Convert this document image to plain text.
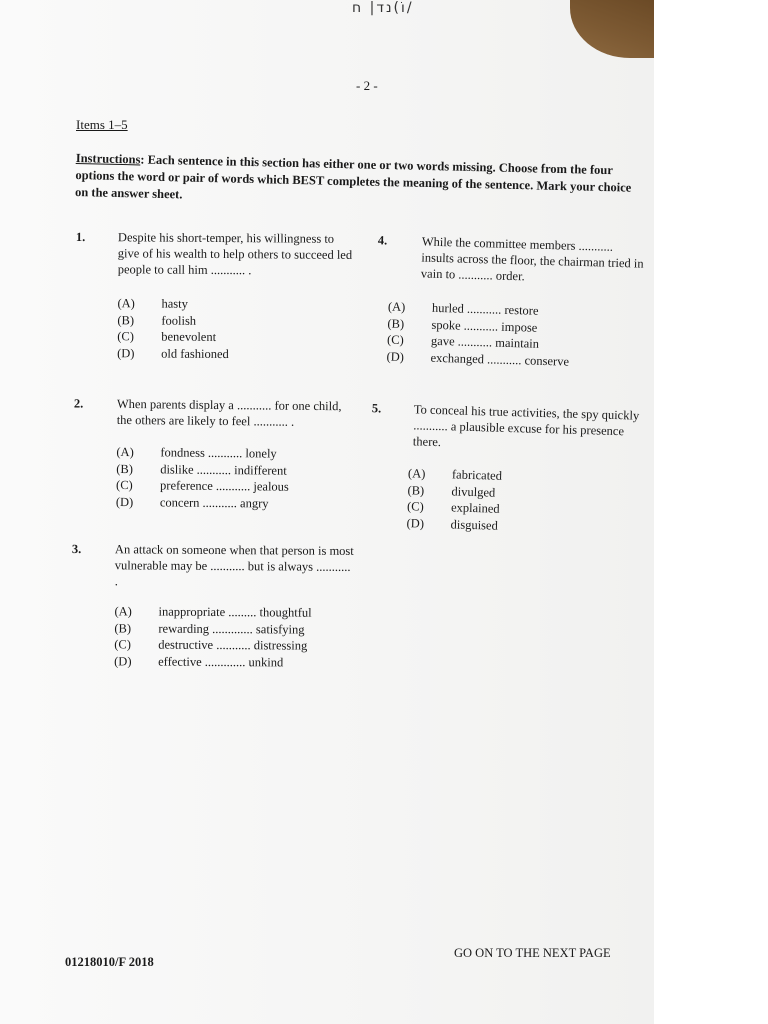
וֹ)נד| ח/
- 2 -
Items 1–5
Instructions: Each sentence in this section has either one or two words missing. Choose from the four options the word or pair of words which BEST completes the meaning of the sentence. Mark your choice on the answer sheet.
1.	Despite his short-temper, his willingness to give of his wealth to help others to succeed led people to call him ........... .
(A)	hasty
(B)	foolish
(C)	benevolent
(D)	old fashioned
2.	When parents display a ........... for one child, the others are likely to feel ........... .
(A)	fondness ........... lonely
(B)	dislike ........... indifferent
(C)	preference ........... jealous
(D)	concern ........... angry
3.	An attack on someone when that person is most vulnerable may be ........... but is always ........... .
(A)	inappropriate ......... thoughtful
(B)	rewarding ............. satisfying
(C)	destructive ........... distressing
(D)	effective ............. unkind
4.	While the committee members ........... insults across the floor, the chairman tried in vain to ........... order.
(A)	hurled ........... restore
(B)	spoke ........... impose
(C)	gave ........... maintain
(D)	exchanged ........... conserve
5.	To conceal his true activities, the spy quickly ........... a plausible excuse for his presence there.
(A)	fabricated
(B)	divulged
(C)	explained
(D)	disguised
01218010/F 2018
GO ON TO THE NEXT PAGE
